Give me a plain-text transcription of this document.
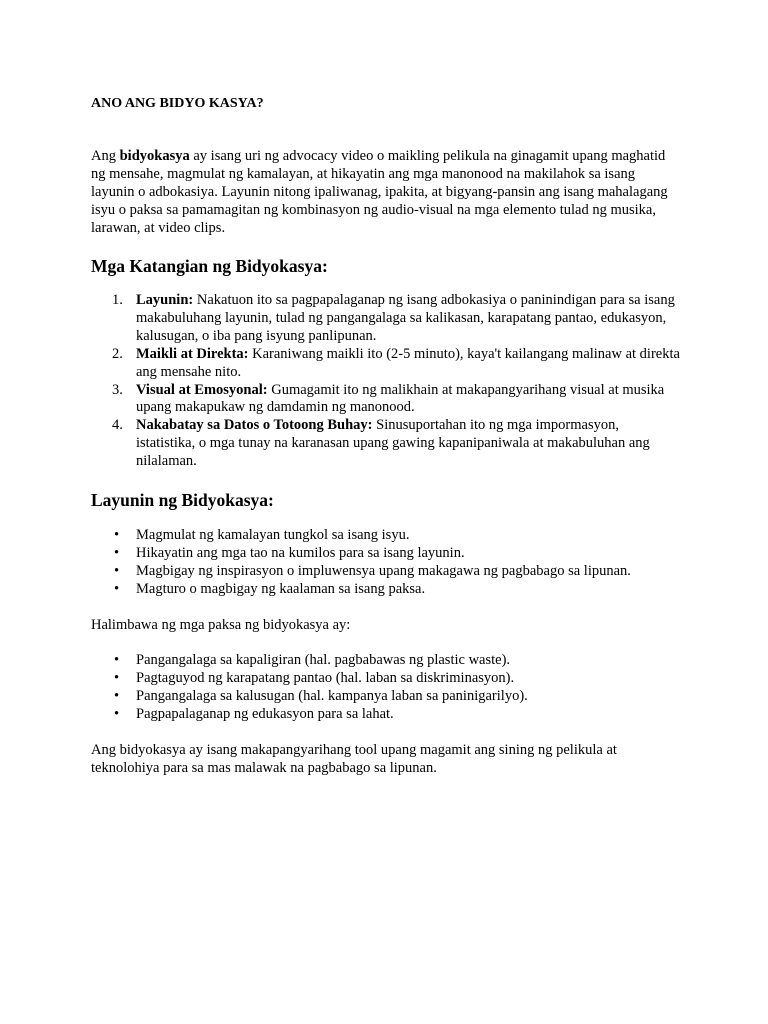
ANO ANG BIDYO KASYA?

Ang bidyokasya ay isang uri ng advocacy video o maikling pelikula na ginagamit upang maghatid ng mensahe, magmulat ng kamalayan, at hikayatin ang mga manonood na makilahok sa isang layunin o adbokasiya. Layunin nitong ipaliwanag, ipakita, at bigyang-pansin ang isang mahalagang isyu o paksa sa pamamagitan ng kombinasyon ng audio-visual na mga elemento tulad ng musika, larawan, at video clips.

Mga Katangian ng Bidyokasya:
1. Layunin: Nakatuon ito sa pagpapalaganap ng isang adbokasiya o paninindigan para sa isang makabuluhang layunin, tulad ng pangangalaga sa kalikasan, karapatang pantao, edukasyon, kalusugan, o iba pang isyung panlipunan.
2. Maikli at Direkta: Karaniwang maikli ito (2-5 minuto), kaya't kailangang malinaw at direkta ang mensahe nito.
3. Visual at Emosyonal: Gumagamit ito ng malikhain at makapangyarihang visual at musika upang makapukaw ng damdamin ng manonood.
4. Nakabatay sa Datos o Totoong Buhay: Sinusuportahan ito ng mga impormasyon, istatistika, o mga tunay na karanasan upang gawing kapanipaniwala at makabuluhan ang nilalaman.
Layunin ng Bidyokasya:
• Magmulat ng kamalayan tungkol sa isang isyu.
• Hikayatin ang mga tao na kumilos para sa isang layunin.
• Magbigay ng inspirasyon o impluwensya upang makagawa ng pagbabago sa lipunan.
• Magturo o magbigay ng kaalaman sa isang paksa.

Halimbawa ng mga paksa ng bidyokasya ay:

• Pangangalaga sa kapaligiran (hal. pagbabawas ng plastic waste).
• Pagtaguyod ng karapatang pantao (hal. laban sa diskriminasyon).
• Pangangalaga sa kalusugan (hal. kampanya laban sa paninigarilyo).
• Pagpapalaganap ng edukasyon para sa lahat.

Ang bidyokasya ay isang makapangyarihang tool upang magamit ang sining ng pelikula at teknolohiya para sa mas malawak na pagbabago sa lipunan.
